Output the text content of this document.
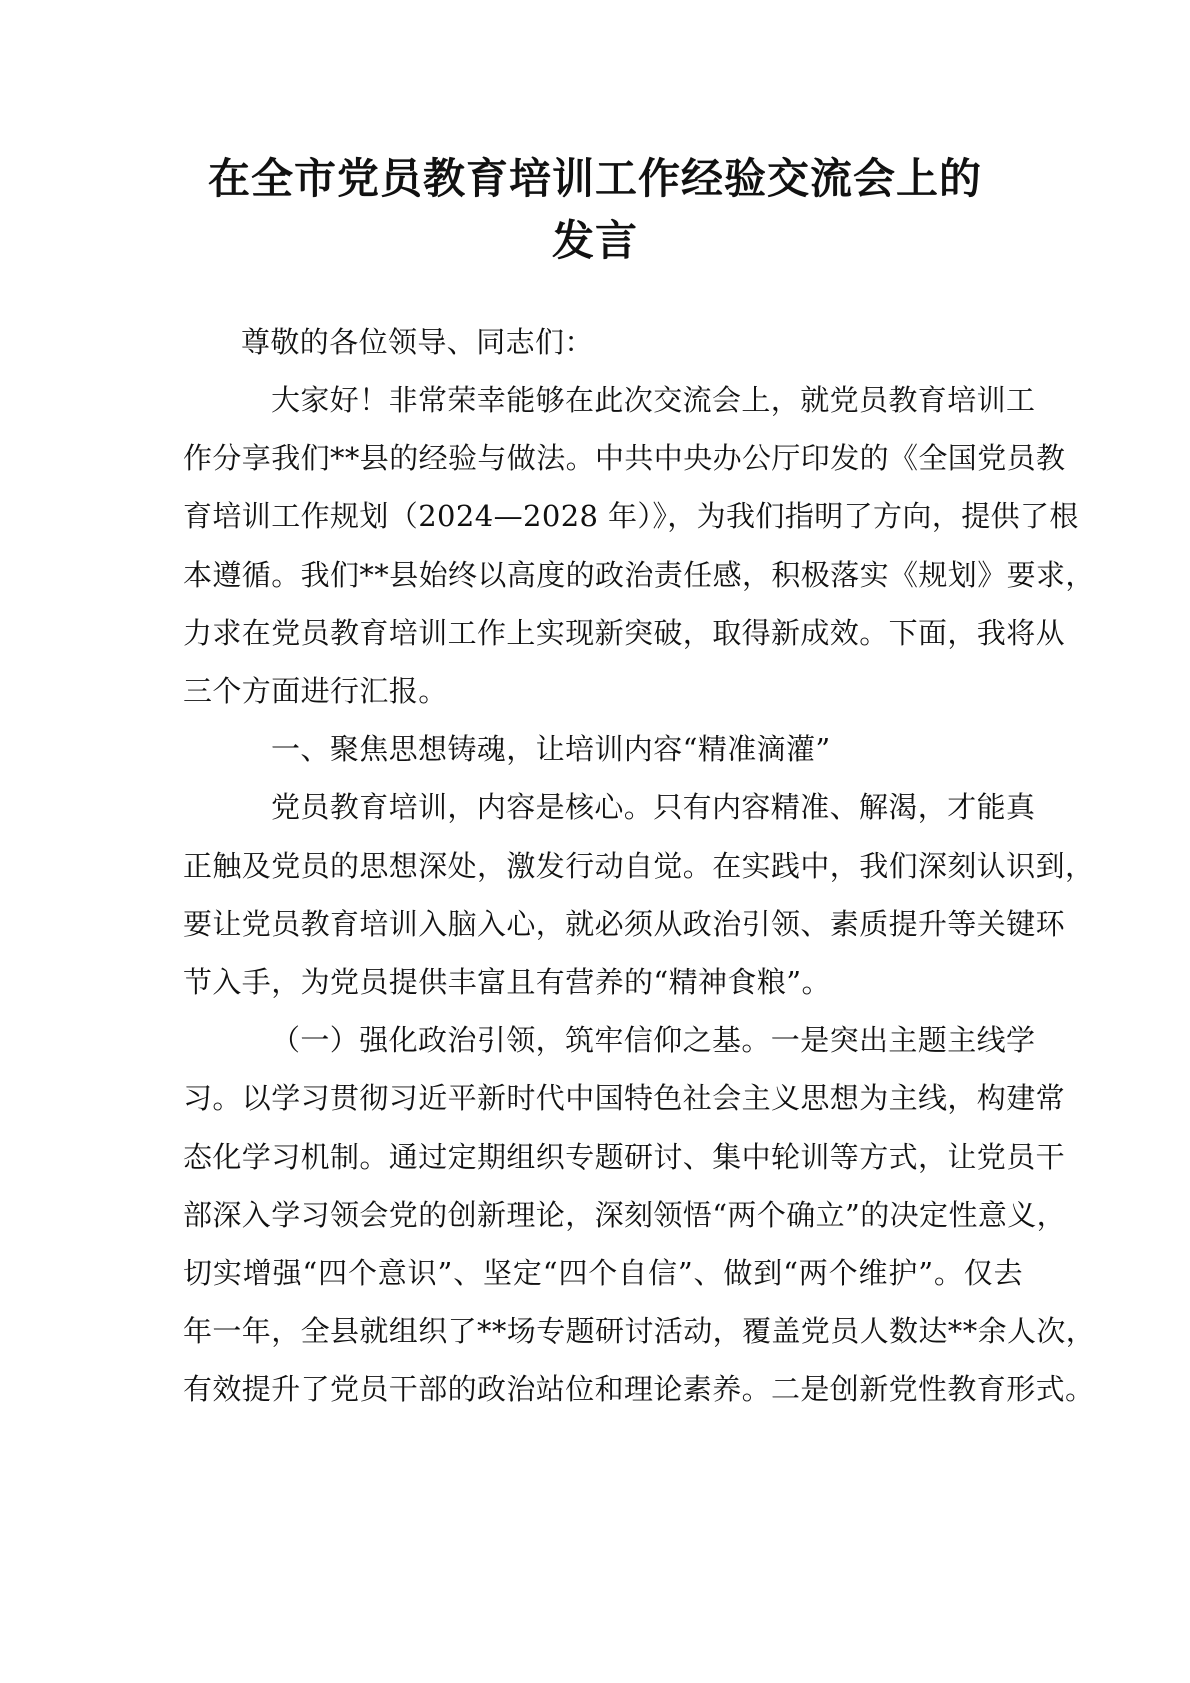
在全市党员教育培训工作经验交流会上的
发言

尊敬的各位领导、同志们：

大家好！非常荣幸能够在此次交流会上，就党员教育培训工

作分享我们**县的经验与做法。中共中央办公厅印发的《全国党员教

育培训工作规划（2024—2028 年）》，为我们指明了方向，提供了根

本遵循。我们**县始终以高度的政治责任感，积极落实《规划》要求，

力求在党员教育培训工作上实现新突破，取得新成效。下面，我将从

三个方面进行汇报。

一、聚焦思想铸魂，让培训内容“精准滴灌”

党员教育培训，内容是核心。只有内容精准、解渴，才能真

正触及党员的思想深处，激发行动自觉。在实践中，我们深刻认识到，

要让党员教育培训入脑入心，就必须从政治引领、素质提升等关键环

节入手，为党员提供丰富且有营养的“精神食粮”。

（一）强化政治引领，筑牢信仰之基。一是突出主题主线学

习。以学习贯彻习近平新时代中国特色社会主义思想为主线，构建常

态化学习机制。通过定期组织专题研讨、集中轮训等方式，让党员干

部深入学习领会党的创新理论，深刻领悟“两个确立”的决定性意义，

切实增强“四个意识”、坚定“四个自信”、做到“两个维护”。仅去

年一年，全县就组织了**场专题研讨活动，覆盖党员人数达**余人次，

有效提升了党员干部的政治站位和理论素养。二是创新党性教育形式。
